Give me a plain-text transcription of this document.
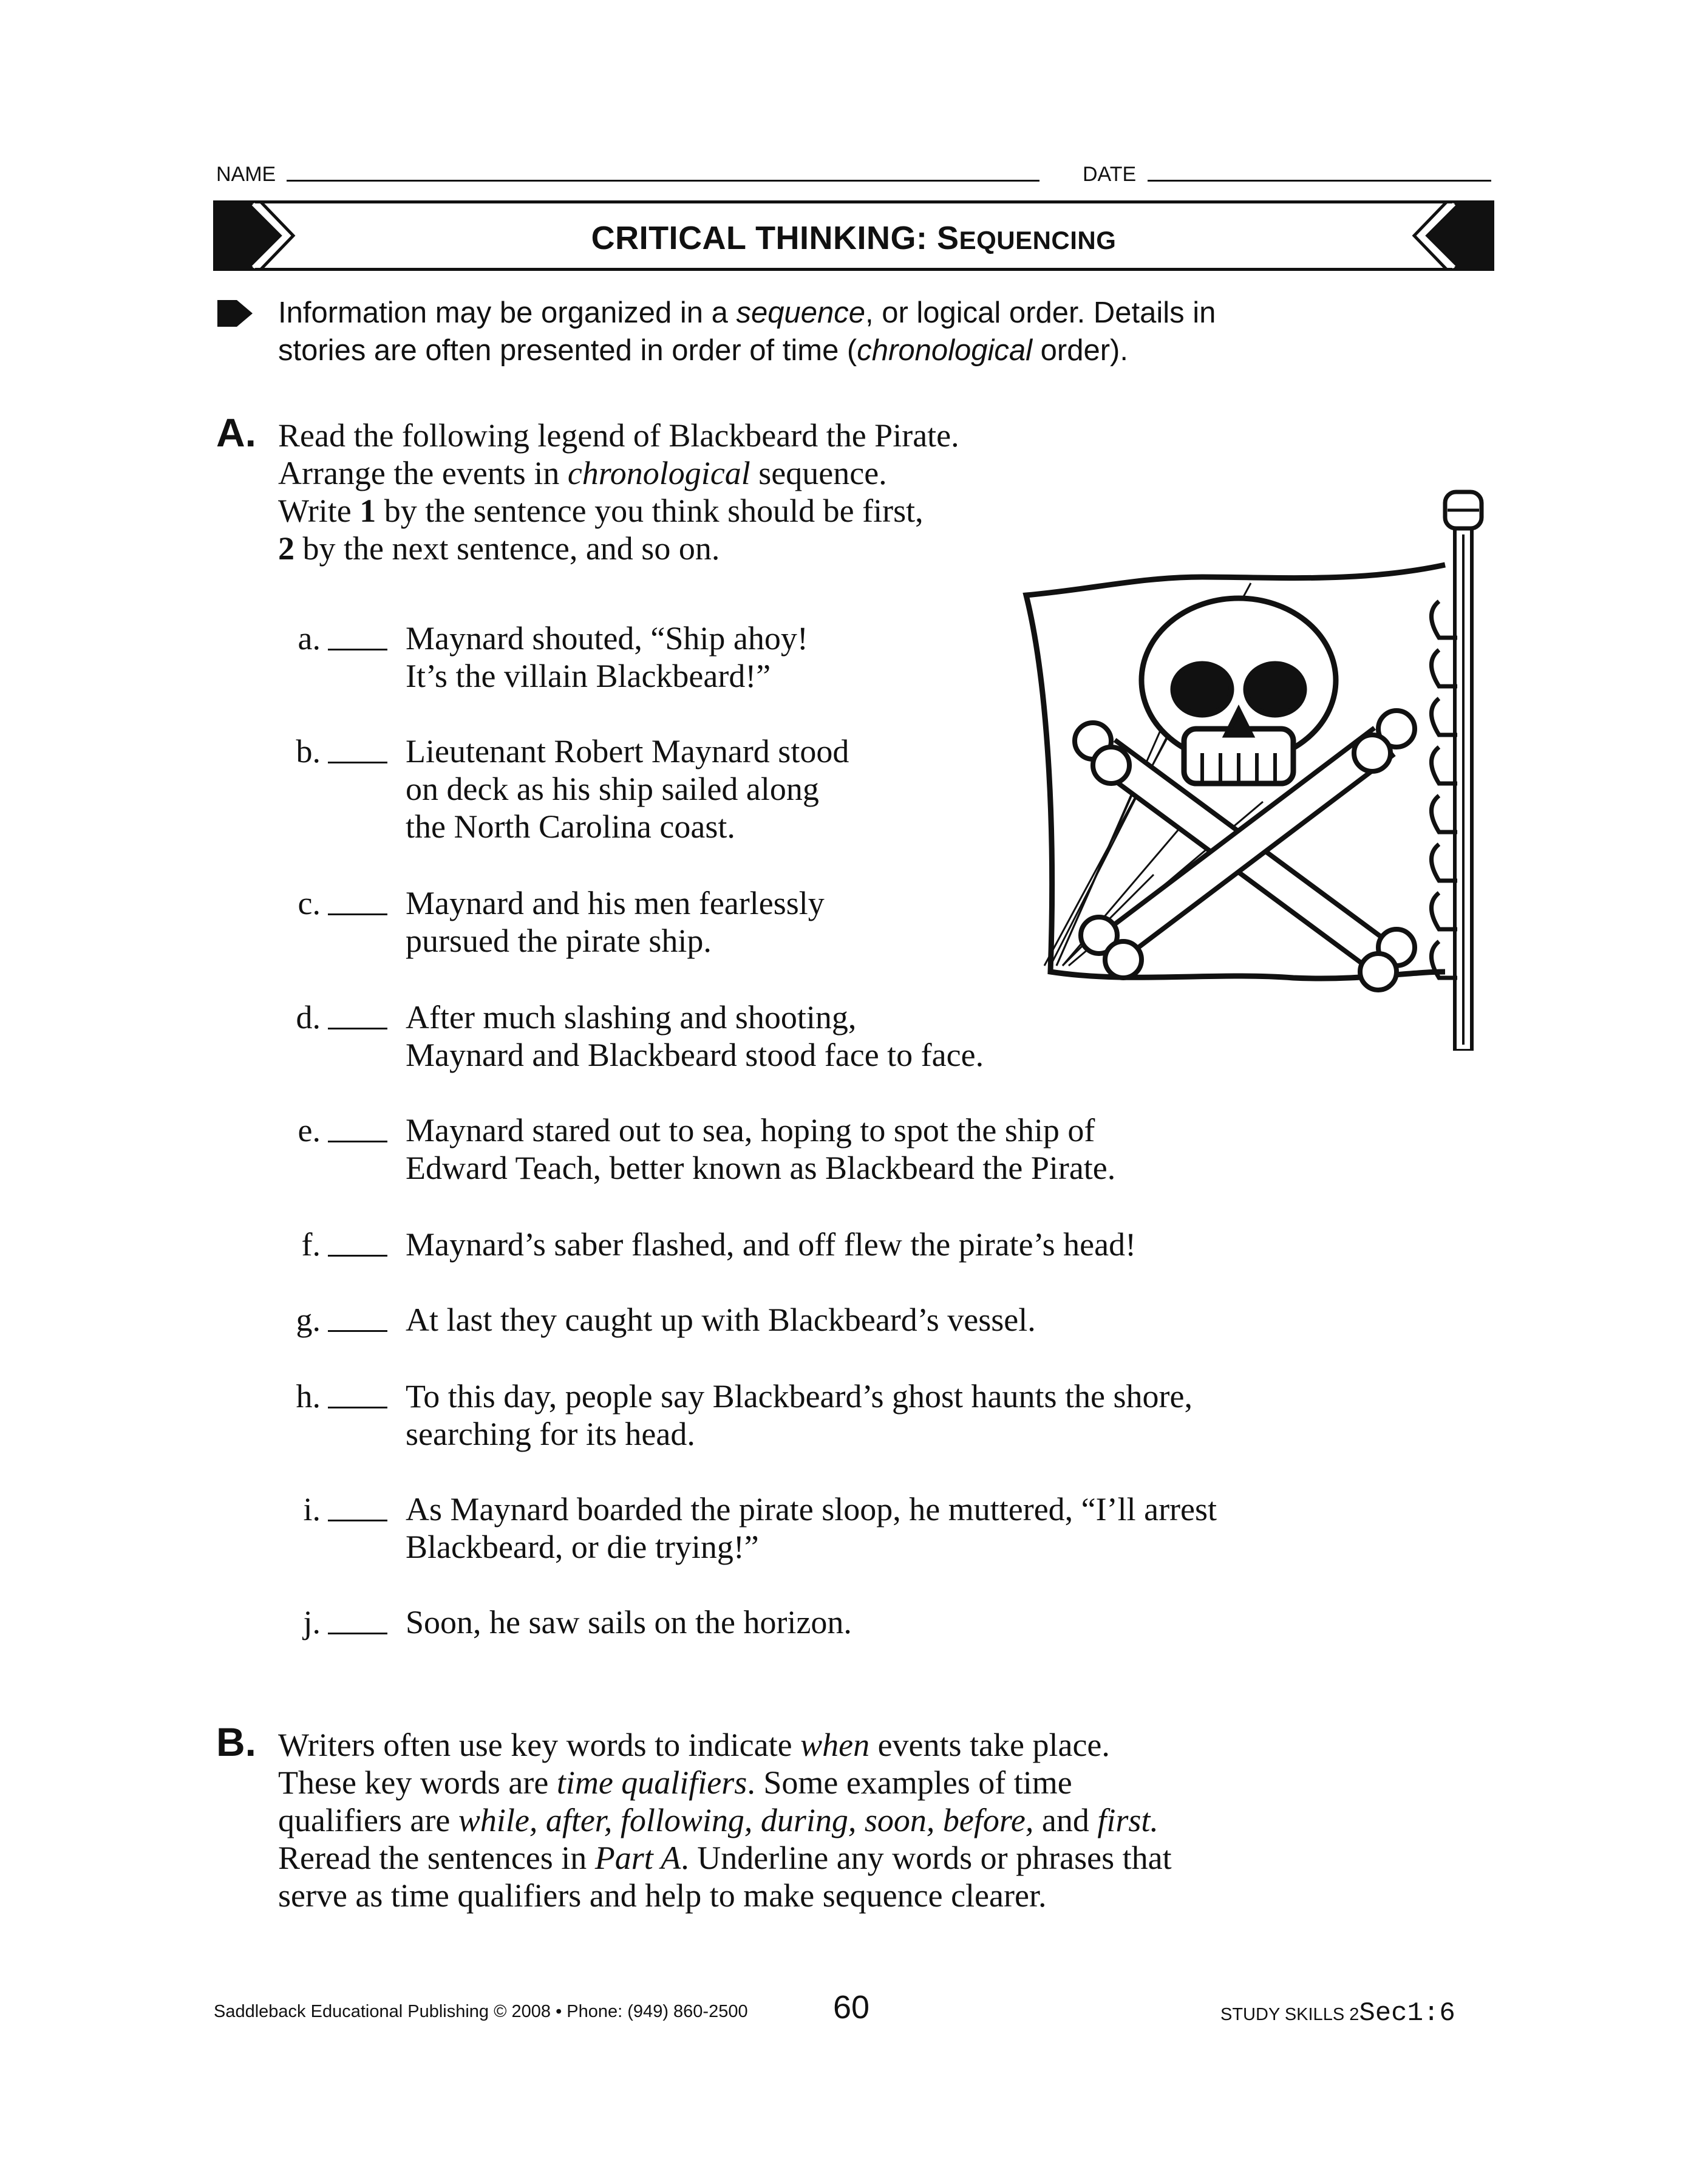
NAME	DATE
CRITICAL THINKING: SEQUENCING
Information may be organized in a sequence, or logical order. Details in
stories are often presented in order of time (chronological order).
A. Read the following legend of Blackbeard the Pirate.
Arrange the events in chronological sequence.
Write 1 by the sentence you think should be first,
2 by the next sentence, and so on.
a.	Maynard shouted, “Ship ahoy!
It’s the villain Blackbeard!”
b.	Lieutenant Robert Maynard stood
on deck as his ship sailed along
the North Carolina coast.
c.	Maynard and his men fearlessly
pursued the pirate ship.
d.	After much slashing and shooting,
Maynard and Blackbeard stood face to face.
e.	Maynard stared out to sea, hoping to spot the ship of
Edward Teach, better known as Blackbeard the Pirate.
f.	Maynard’s saber flashed, and off flew the pirate’s head!
g.	At last they caught up with Blackbeard’s vessel.
h.	To this day, people say Blackbeard’s ghost haunts the shore,
searching for its head.
i.	As Maynard boarded the pirate sloop, he muttered, “I’ll arrest
Blackbeard, or die trying!”
j.	Soon, he saw sails on the horizon.
B. Writers often use key words to indicate when events take place.
These key words are time qualifiers. Some examples of time
qualifiers are while, after, following, during, soon, before, and first.
Reread the sentences in Part A. Underline any words or phrases that
serve as time qualifiers and help to make sequence clearer.
Saddleback Educational Publishing © 2008 • Phone: (949) 860-2500	60	STUDY SKILLS 2Sec1:6
